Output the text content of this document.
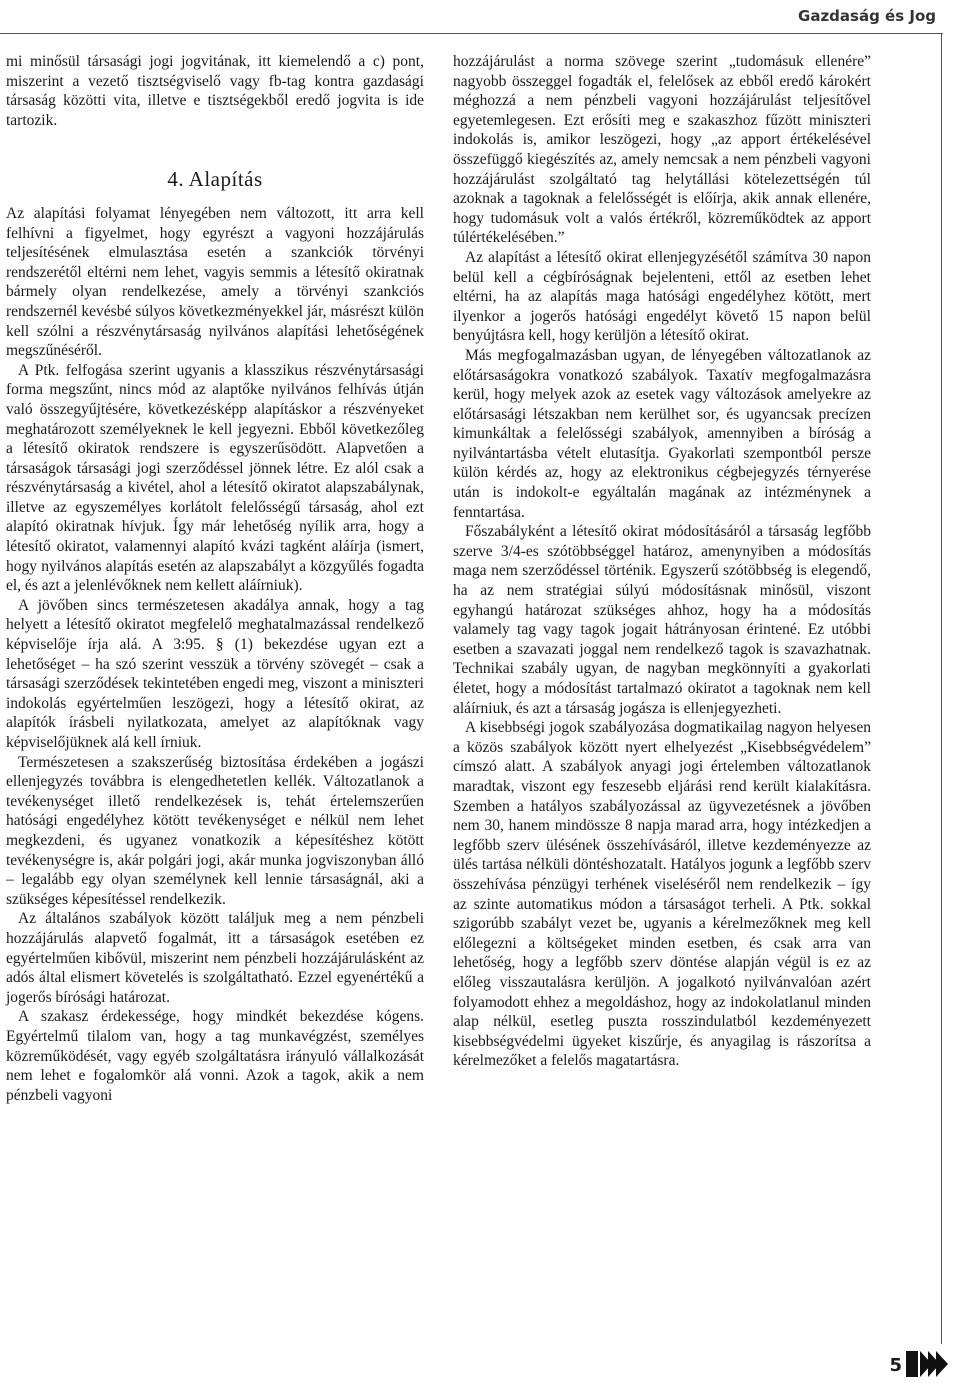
Gazdaság és Jog

mi minősül társasági jogi jogvitának, itt kiemelendő a c) pont, miszerint a vezető tisztségviselő vagy fb-tag kontra gazdasági társaság közötti vita, illetve e tisztségekből eredő jogvita is ide tartozik.

4. Alapítás

Az alapítási folyamat lényegében nem változott, itt arra kell felhívni a figyelmet, hogy egyrészt a vagyoni hozzájárulás teljesítésének elmulasztása esetén a szankciók törvényi rendszerétől eltérni nem lehet, vagyis semmis a létesítő okiratnak bármely olyan rendelkezése, amely a törvényi szankciós rendszernél kevésbé súlyos következményekkel jár, másrészt külön kell szólni a részvénytársaság nyilvános alapítási lehetőségének megszűnéséről.

A Ptk. felfogása szerint ugyanis a klasszikus részvénytársasági forma megszűnt, nincs mód az alaptőke nyilvános felhívás útján való összegyűjtésére, következésképp alapításkor a részvényeket meghatározott személyeknek le kell jegyezni. Ebből következőleg a létesítő okiratok rendszere is egyszerűsödött. Alapvetően a társaságok társasági jogi szerződéssel jönnek létre. Ez alól csak a részvénytársaság a kivétel, ahol a létesítő okiratot alapszabálynak, illetve az egyszemélyes korlátolt felelősségű társaság, ahol ezt alapító okiratnak hívjuk. Így már lehetőség nyílik arra, hogy a létesítő okiratot, valamennyi alapító kvázi tagként aláírja (ismert, hogy nyilvános alapítás esetén az alapszabályt a közgyűlés fogadta el, és azt a jelenlévőknek nem kellett aláírniuk).

A jövőben sincs természetesen akadálya annak, hogy a tag helyett a létesítő okiratot megfelelő meghatalmazással rendelkező képviselője írja alá. A 3:95. § (1) bekezdése ugyan ezt a lehetőséget – ha szó szerint vesszük a törvény szövegét – csak a társasági szerződések tekintetében engedi meg, viszont a miniszteri indokolás egyértelműen leszögezi, hogy a létesítő okirat, az alapítók írásbeli nyilatkozata, amelyet az alapítóknak vagy képviselőjüknek alá kell írniuk.

Természetesen a szakszerűség biztosítása érdekében a jogászi ellenjegyzés továbbra is elengedhetetlen kellék. Változatlanok a tevékenységet illető rendelkezések is, tehát értelemszerűen hatósági engedélyhez kötött tevékenységet e nélkül nem lehet megkezdeni, és ugyanez vonatkozik a képesítéshez kötött tevékenységre is, akár polgári jogi, akár munka jogviszonyban álló – legalább egy olyan személynek kell lennie társaságnál, aki a szükséges képesítéssel rendelkezik.

Az általános szabályok között találjuk meg a nem pénzbeli hozzájárulás alapvető fogalmát, itt a társaságok esetében ez egyértelműen kibővül, miszerint nem pénzbeli hozzájárulásként az adós által elismert követelés is szolgáltatható. Ezzel egyenértékű a jogerős bírósági határozat.

A szakasz érdekessége, hogy mindkét bekezdése kógens. Egyértelmű tilalom van, hogy a tag munkavégzést, személyes közreműködését, vagy egyéb szolgáltatásra irányuló vállalkozását nem lehet e fogalomkör alá vonni. Azok a tagok, akik a nem pénzbeli vagyoni

hozzájárulást a norma szövege szerint „tudomásuk ellenére” nagyobb összeggel fogadták el, felelősek az ebből eredő károkért méghozzá a nem pénzbeli vagyoni hozzájárulást teljesítővel egyetemlegesen. Ezt erősíti meg e szakaszhoz fűzött miniszteri indokolás is, amikor leszögezi, hogy „az apport értékelésével összefüggő kiegészítés az, amely nemcsak a nem pénzbeli vagyoni hozzájárulást szolgáltató tag helytállási kötelezettségén túl azoknak a tagoknak a felelősségét is előírja, akik annak ellenére, hogy tudomásuk volt a valós értékről, közreműködtek az apport túlértékelésében.”

Az alapítást a létesítő okirat ellenjegyzésétől számítva 30 napon belül kell a cégbíróságnak bejelenteni, ettől az esetben lehet eltérni, ha az alapítás maga hatósági engedélyhez kötött, mert ilyenkor a jogerős hatósági engedélyt követő 15 napon belül benyújtásra kell, hogy kerüljön a létesítő okirat.

Más megfogalmazásban ugyan, de lényegében változatlanok az előtársaságokra vonatkozó szabályok. Taxatív megfogalmazásra kerül, hogy melyek azok az esetek vagy változások amelyekre az előtársasági létszakban nem kerülhet sor, és ugyancsak precízen kimunkáltak a felelősségi szabályok, amennyiben a bíróság a nyilvántartásba vételt elutasítja. Gyakorlati szempontból persze külön kérdés az, hogy az elektronikus cégbejegyzés térnyerése után is indokolt-e egyáltalán magának az intézménynek a fenntartása.

Főszabályként a létesítő okirat módosításáról a társaság legfőbb szerve 3/4-es szótöbbséggel határoz, amenynyiben a módosítás maga nem szerződéssel történik. Egyszerű szótöbbség is elegendő, ha az nem stratégiai súlyú módosításnak minősül, viszont egyhangú határozat szükséges ahhoz, hogy ha a módosítás valamely tag vagy tagok jogait hátrányosan érintené. Ez utóbbi esetben a szavazati joggal nem rendelkező tagok is szavazhatnak. Technikai szabály ugyan, de nagyban megkönnyíti a gyakorlati életet, hogy a módosítást tartalmazó okiratot a tagoknak nem kell aláírniuk, és azt a társaság jogásza is ellenjegyezheti.

A kisebbségi jogok szabályozása dogmatikailag nagyon helyesen a közös szabályok között nyert elhelyezést „Kisebbségvédelem” címszó alatt. A szabályok anyagi jogi értelemben változatlanok maradtak, viszont egy feszesebb eljárási rend került kialakításra. Szemben a hatályos szabályozással az ügyvezetésnek a jövőben nem 30, hanem mindössze 8 napja marad arra, hogy intézkedjen a legfőbb szerv ülésének összehívásáról, illetve kezdeményezze az ülés tartása nélküli döntéshozatalt. Hatályos jogunk a legfőbb szerv összehívása pénzügyi terhének viseléséről nem rendelkezik – így az szinte automatikus módon a társaságot terheli. A Ptk. sokkal szigorúbb szabályt vezet be, ugyanis a kérelmezőknek meg kell előlegezni a költségeket minden esetben, és csak arra van lehetőség, hogy a legfőbb szerv döntése alapján végül is ez az előleg visszautalásra kerüljön. A jogalkotó nyilvánvalóan azért folyamodott ehhez a megoldáshoz, hogy az indokolatlanul minden alap nélkül, esetleg puszta rosszindulatból kezdeményezett kisebbségvédelmi ügyeket kiszűrje, és anyagilag is rászorítsa a kérelmezőket a felelős magatartásra.

5
